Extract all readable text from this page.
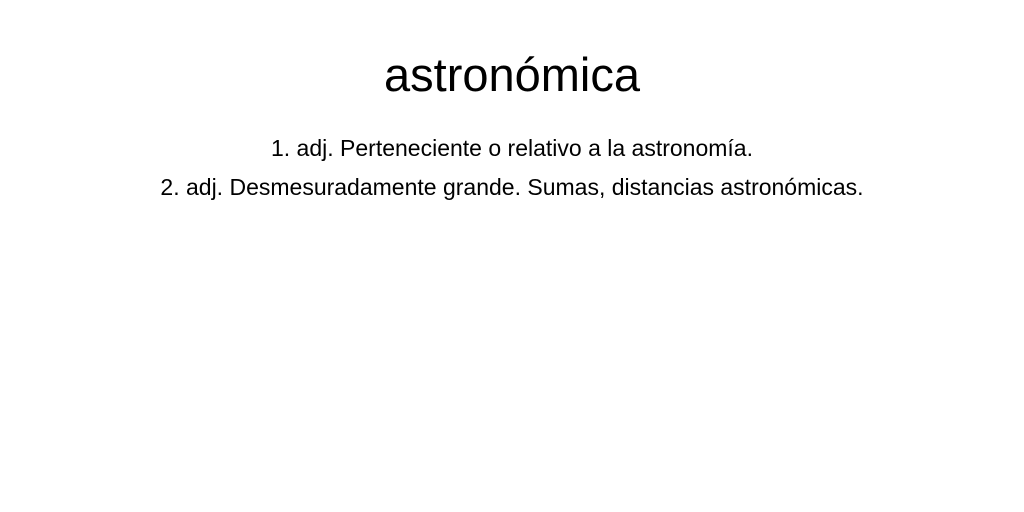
astronómica
1. adj. Perteneciente o relativo a la astronomía.
2. adj. Desmesuradamente grande. Sumas, distancias astronómicas.
